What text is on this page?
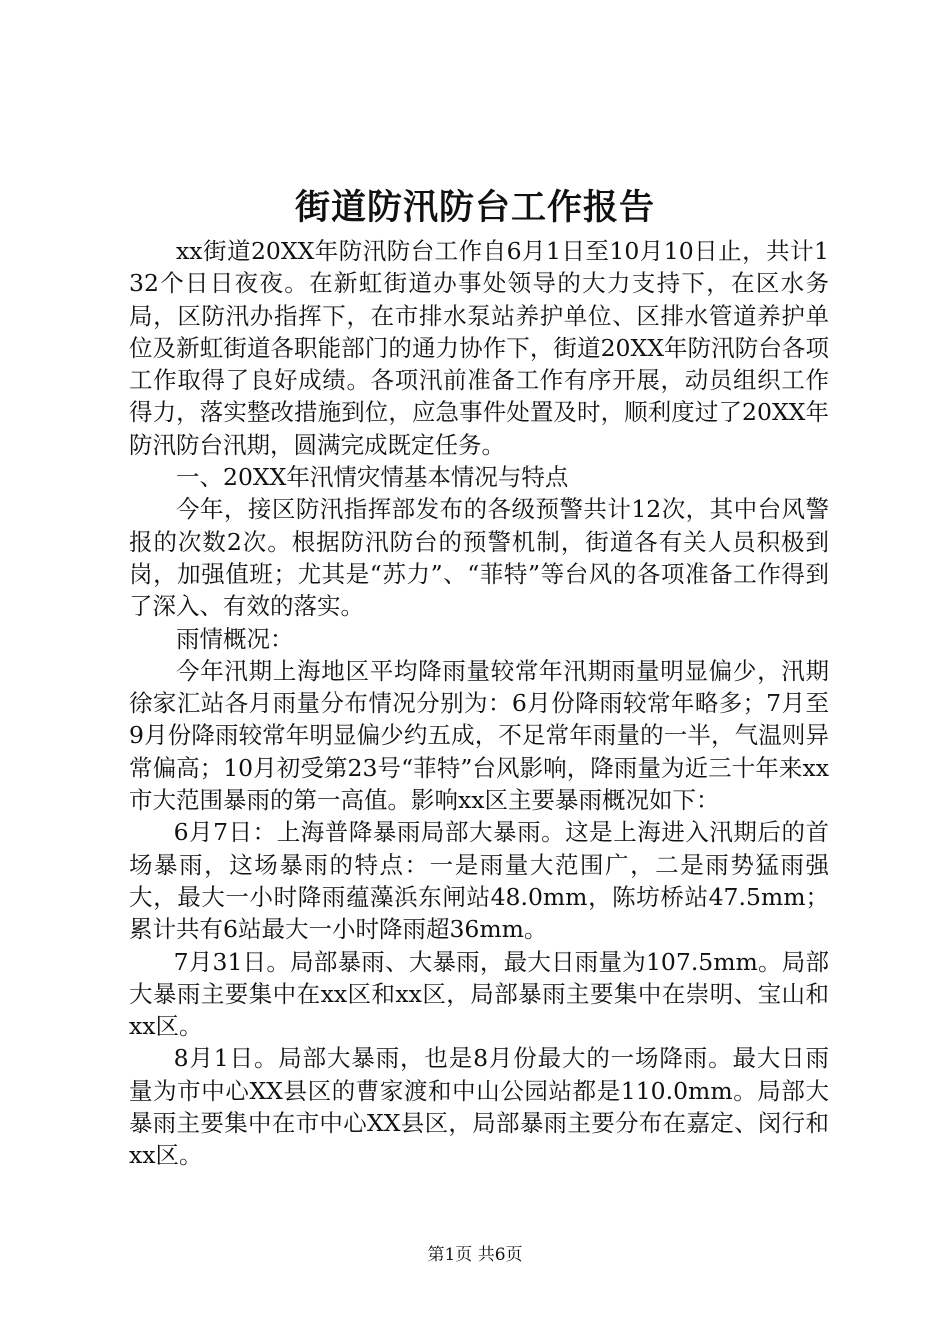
街道防汛防台工作报告

xx街道20XX年防汛防台工作自6月1日至10月10日止，共计132个日日夜夜。在新虹街道办事处领导的大力支持下，在区水务局，区防汛办指挥下，在市排水泵站养护单位、区排水管道养护单位及新虹街道各职能部门的通力协作下，街道20XX年防汛防台各项工作取得了良好成绩。各项汛前准备工作有序开展，动员组织工作得力，落实整改措施到位，应急事件处置及时，顺利度过了20XX年防汛防台汛期，圆满完成既定任务。

一、20XX年汛情灾情基本情况与特点

今年，接区防汛指挥部发布的各级预警共计12次，其中台风警报的次数2次。根据防汛防台的预警机制，街道各有关人员积极到岗，加强值班；尤其是“苏力”、“菲特”等台风的各项准备工作得到了深入、有效的落实。

雨情概况：

今年汛期上海地区平均降雨量较常年汛期雨量明显偏少，汛期徐家汇站各月雨量分布情况分别为：6月份降雨较常年略多；7月至9月份降雨较常年明显偏少约五成，不足常年雨量的一半，气温则异常偏高；10月初受第23号“菲特”台风影响，降雨量为近三十年来xx市大范围暴雨的第一高值。影响xx区主要暴雨概况如下：

6月7日：上海普降暴雨局部大暴雨。这是上海进入汛期后的首场暴雨，这场暴雨的特点：一是雨量大范围广，二是雨势猛雨强大，最大一小时降雨蕴藻浜东闸站48.0mm，陈坊桥站47.5mm；累计共有6站最大一小时降雨超36mm。

7月31日。局部暴雨、大暴雨，最大日雨量为107.5mm。局部大暴雨主要集中在xx区和xx区，局部暴雨主要集中在崇明、宝山和xx区。

8月1日。局部大暴雨，也是8月份最大的一场降雨。最大日雨量为市中心XX县区的曹家渡和中山公园站都是110.0mm。局部大暴雨主要集中在市中心XX县区，局部暴雨主要分布在嘉定、闵行和xx区。

第1页 共6页
